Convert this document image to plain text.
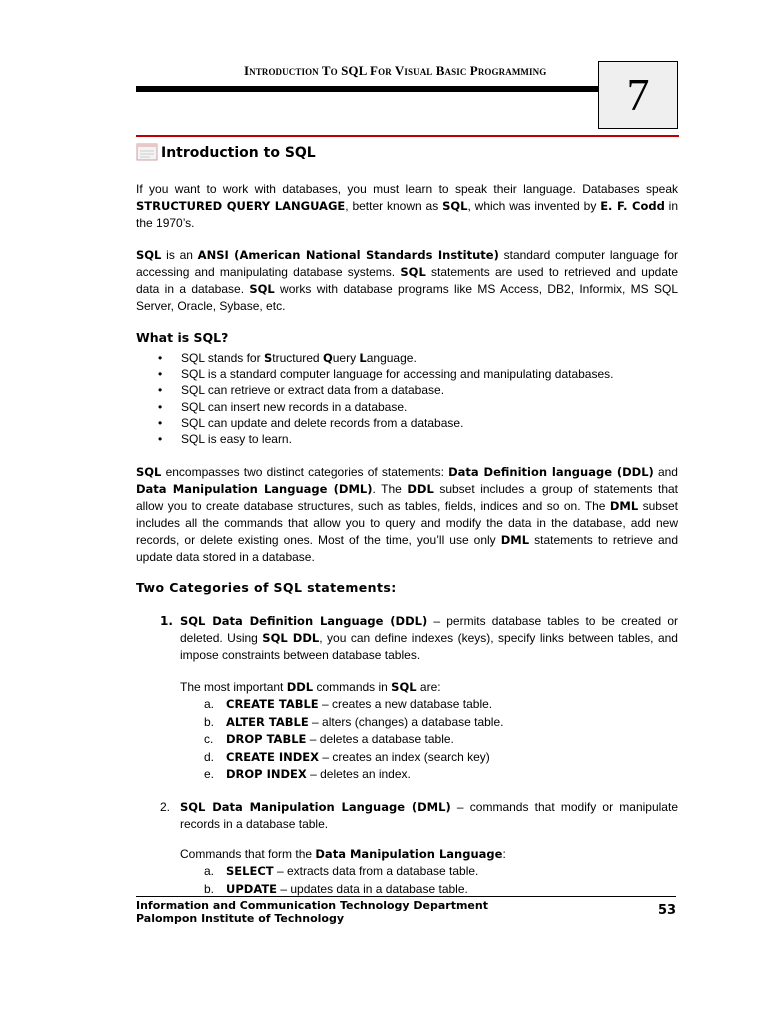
Introduction To SQL For Visual Basic Programming	7
Introduction to SQL
If you want to work with databases, you must learn to speak their language. Databases speak STRUCTURED QUERY LANGUAGE, better known as SQL, which was invented by E. F. Codd in the 1970’s.
SQL is an ANSI (American National Standards Institute) standard computer language for accessing and manipulating database systems. SQL statements are used to retrieved and update data in a database. SQL works with database programs like MS Access, DB2, Informix, MS SQL Server, Oracle, Sybase, etc.
What is SQL?
• SQL stands for Structured Query Language.
• SQL is a standard computer language for accessing and manipulating databases.
• SQL can retrieve or extract data from a database.
• SQL can insert new records in a database.
• SQL can update and delete records from a database.
• SQL is easy to learn.
SQL encompasses two distinct categories of statements: Data Definition language (DDL) and Data Manipulation Language (DML). The DDL subset includes a group of statements that allow you to create database structures, such as tables, fields, indices and so on. The DML subset includes all the commands that allow you to query and modify the data in the database, add new records, or delete existing ones. Most of the time, you’ll use only DML statements to retrieve and update data stored in a database.
Two Categories of SQL statements:
1. SQL Data Definition Language (DDL) – permits database tables to be created or deleted. Using SQL DDL, you can define indexes (keys), specify links between tables, and impose constraints between database tables.
The most important DDL commands in SQL are:
a. CREATE TABLE – creates a new database table.
b. ALTER TABLE – alters (changes) a database table.
c. DROP TABLE – deletes a database table.
d. CREATE INDEX – creates an index (search key)
e. DROP INDEX – deletes an index.
2. SQL Data Manipulation Language (DML) – commands that modify or manipulate records in a database table.
Commands that form the Data Manipulation Language:
a. SELECT – extracts data from a database table.
b. UPDATE – updates data in a database table.
Information and Communication Technology Department
Palompon Institute of Technology
53
